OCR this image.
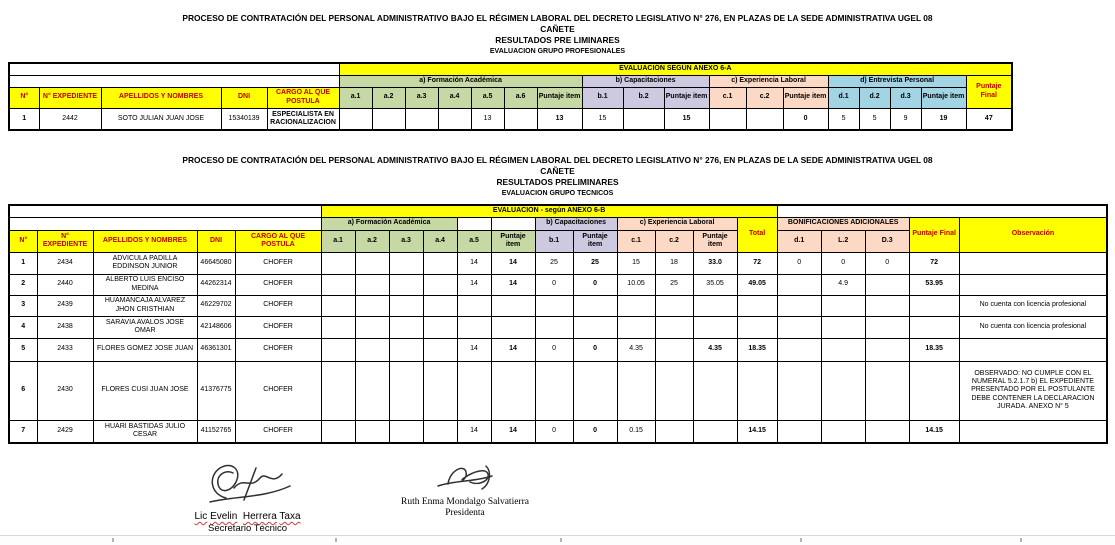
PROCESO DE CONTRATACIÓN DEL PERSONAL ADMINISTRATIVO BAJO EL RÉGIMEN LABORAL DEL DECRETO LEGISLATIVO N° 276, EN PLAZAS DE LA SEDE ADMINISTRATIVA UGEL 08
CAÑETE
RESULTADOS PRE LIMINARES
EVALUACION GRUPO PROFESIONALES
					EVALUACIÓN SEGÚN ANEXO 6-A																	
					a) Formación Académica							b) Capacitaciones			c) Experiencia Laboral			d) Entrevista Personal				Puntaje Final
N°	N° EXPEDIENTE	APELLIDOS Y NOMBRES	DNI	CARGO AL QUE POSTULA	a.1	a.2	a.3	a.4	a.5	a.6	Puntaje item	b.1	b.2	Puntaje item	c.1	c.2	Puntaje item	d.1	d.2	d.3	Puntaje item	
1	2442	SOTO JULIAN JUAN JOSE	15340139	ESPECIALISTA EN RACIONALIZACION					13		13	15		15			0	5	5	9	19	47
PROCESO DE CONTRATACIÓN DEL PERSONAL ADMINISTRATIVO BAJO EL RÉGIMEN LABORAL DEL DECRETO LEGISLATIVO N° 276, EN PLAZAS DE LA SEDE ADMINISTRATIVA UGEL 08
CAÑETE
RESULTADOS PRELIMINARES
EVALUACION GRUPO TECNICOS
					EVALUACION - según ANEXO 6-B																
					a) Formación Académica						b) Capacitaciones		c) Experiencia Laboral			Total	BONIFICACIONES ADICIONALES			Puntaje Final	Observación
N°	N° EXPEDIENTE	APELLIDOS Y NOMBRES	DNI	CARGO AL QUE POSTULA	a.1	a.2	a.3	a.4	a.5	Puntaje item	b.1	Puntaje item	c.1	c.2	Puntaje item		d.1	L.2	D.3		
1	2434	ADVICULA PADILLA EDDINSON JUNIOR	46645080	CHOFER					14	14	25	25	15	18	33.0	72	0	0	0	72	
2	2440	ALBERTO LUIS ENCISO MEDINA	44262314	CHOFER					14	14	0	0	10.05	25	35.05	49.05		4.9		53.95	
3	2439	HUAMANCAJA ALVAREZ JHON CRISTHIAN	46229702	CHOFER																	No cuenta con licencia profesional
4	2438	SARAVIA AVALOS JOSE OMAR	42148606	CHOFER																	No cuenta con licencia profesional
5	2433	FLORES GOMEZ JOSE JUAN	46361301	CHOFER					14	14	0	0	4.35		4.35	18.35				18.35	
6	2430	FLORES CUSI JUAN JOSE	41376775	CHOFER																	OBSERVADO: NO CUMPLE CON EL NUMERAL 5.2.1.7 b) EL EXPEDIENTE PRESENTADO POR EL POSTULANTE DEBE CONTENER LA DECLARACION JURADA. ANEXO N° 5
7	2429	HUARI BASTIDAS JULIO CESAR	41152765	CHOFER					14	14	0	0	0.15			14.15				14.15	
Lic Evelin Herrera Taxa
Secretario Técnico
Ruth Enma Mondalgo Salvatierra
Presidenta
